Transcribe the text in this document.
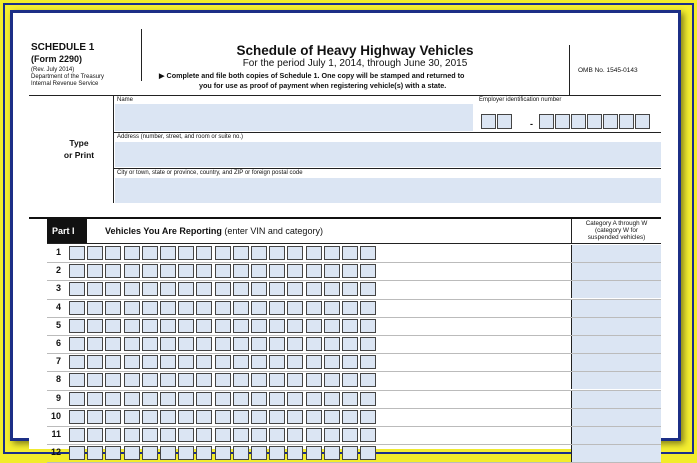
SCHEDULE 1
(Form 2290)
(Rev. July 2014)
Department of the Treasury
Internal Revenue Service
Schedule of Heavy Highway Vehicles
For the period July 1, 2014, through June 30, 2015
▶ Complete and file both copies of Schedule 1. One copy will be stamped and returned to
you for use as proof of payment when registering vehicle(s) with a state.
OMB No. 1545-0143
Type
or Print
Name	Employer identification number
-
Address (number, street, and room or suite no.)
City or town, state or province, country, and ZIP or foreign postal code
Part I	Vehicles You Are Reporting (enter VIN and category)
Category A through W
(category W for
suspended vehicles)
1
2
3
4
5
6
7
8
9
10
11
12
